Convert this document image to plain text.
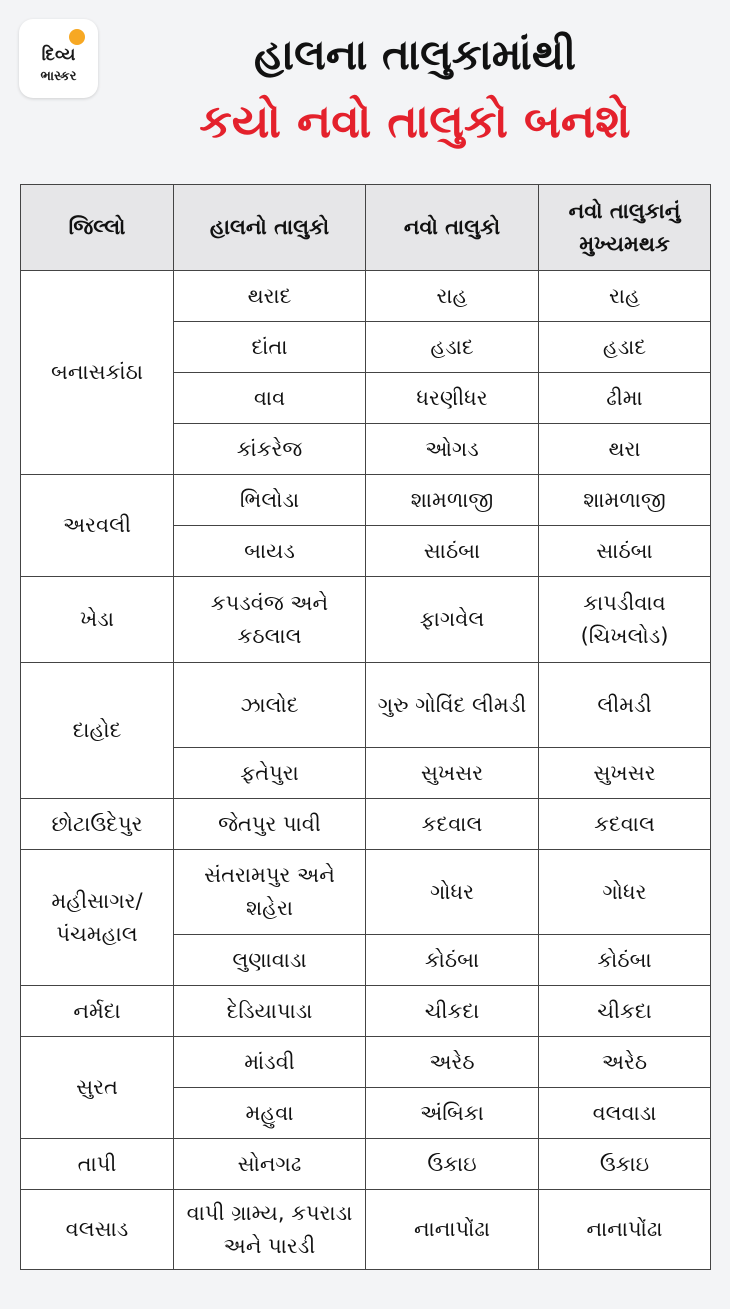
દિવ્ય
ભાસ્કર	હાલના તાલુકામાંથી
કયો નવો તાલુકો બનશે
જિલ્લો	હાલનો તાલુકો	નવો તાલુકો	નવો તાલુકાનું મુખ્યમથક
બનાસકાંઠા	થરાદ	રાહ	રાહ
	દાંતા	હડાદ	હડાદ
	વાવ	ધરણીધર	ઢીમા
	કાંકરેજ	ઓગડ	થરા
અરવલી	ભિલોડા	શામળાજી	શામળાજી
	બાયડ	સાઠંબા	સાઠંબા
ખેડા	કપડવંજ અને કઠલાલ	ફાગવેલ	કાપડીવાવ (ચિખલોડ)
દાહોદ	ઝાલોદ	ગુરુ ગોવિંદ લીમડી	લીમડી
	ફતેપુરા	સુખસર	સુખસર
છોટાઉદેપુર	જેતપુર પાવી	કદવાલ	કદવાલ
મહીસાગર/ પંચમહાલ	સંતરામપુર અને શહેરા	ગોધર	ગોધર
	લુણાવાડા	કોઠંબા	કોઠંબા
નર્મદા	દેડિયાપાડા	ચીકદા	ચીકદા
સુરત	માંડવી	અરેઠ	અરેઠ
	મહુવા	અંબિકા	વલવાડા
તાપી	સોનગઢ	ઉકાઇ	ઉકાઇ
વલસાડ	વાપી ગ્રામ્ય, કપરાડા અને પારડી	નાનાપોંઢા	નાનાપોંઢા
